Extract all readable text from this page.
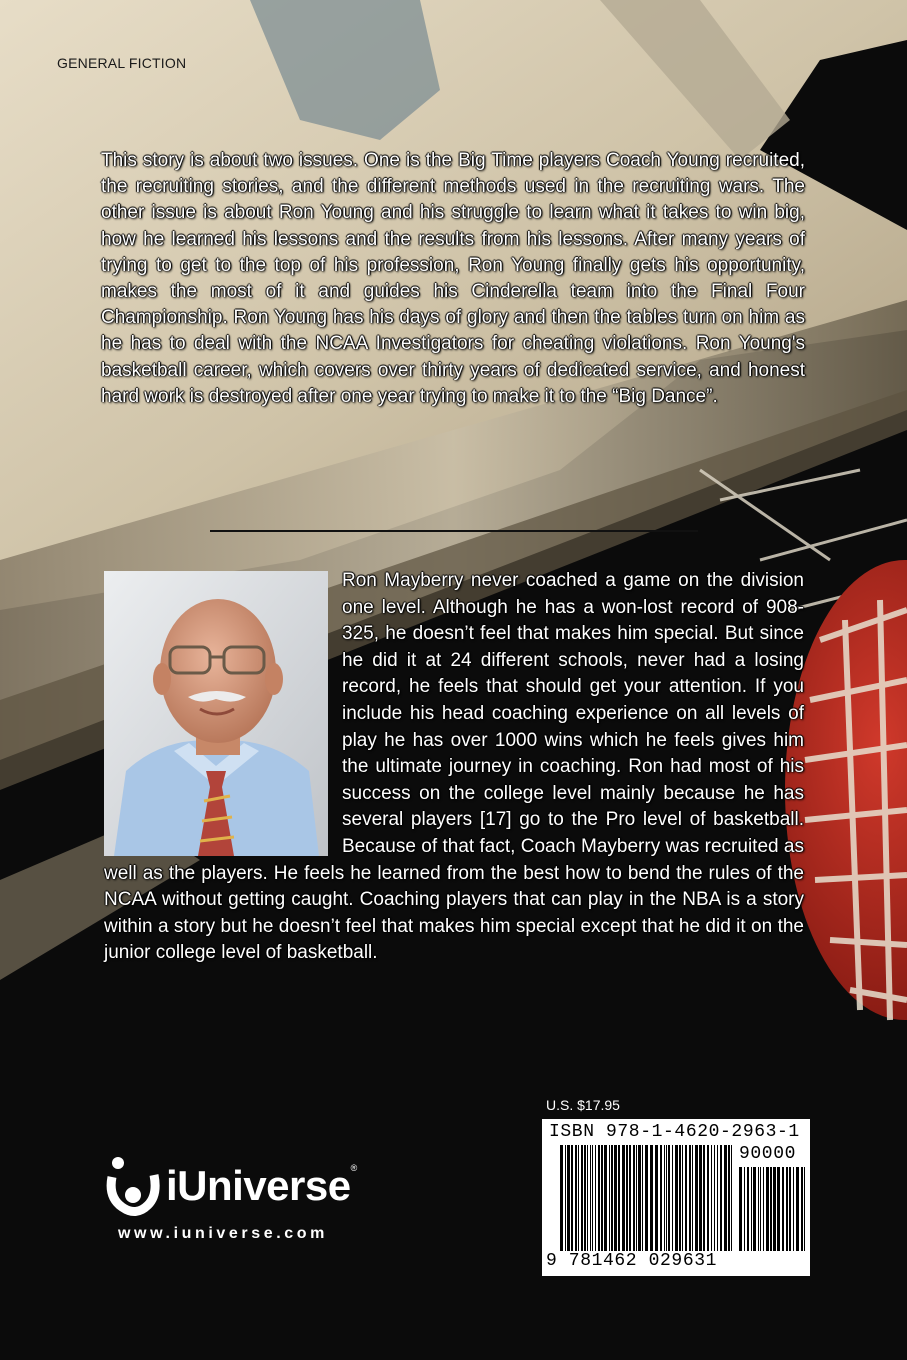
GENERAL FICTION

This story is about two issues. One is the Big Time players Coach Young recruited, the recruiting stories, and the different methods used in the recruiting wars. The other issue is about Ron Young and his struggle to learn what it takes to win big, how he learned his lessons and the results from his lessons. After many years of trying to get to the top of his profession, Ron Young finally gets his opportunity, makes the most of it and guides his Cinderella team into the Final Four Championship. Ron Young has his days of glory and then the tables turn on him as he has to deal with the NCAA Investigators for cheating violations. Ron Young's basketball career, which covers over thirty years of dedicated service, and honest hard work is destroyed after one year trying to make it to the “Big Dance”.

Ron Mayberry never coached a game on the division one level. Although he has a won-lost record of 908-325, he doesn’t feel that makes him special. But since he did it at 24 different schools, never had a losing record, he feels that should get your attention. If you include his head coaching experience on all levels of play he has over 1000 wins which he feels gives him the ultimate journey in coaching. Ron had most of his success on the college level mainly because he has several players [17] go to the Pro level of basketball. Because of that fact, Coach Mayberry was recruited as well as the players. He feels he learned from the best how to bend the rules of the NCAA without getting caught. Coaching players that can play in the NBA is a story within a story but he doesn’t feel that makes him special except that he did it on the junior college level of basketball.
U.S. $17.95
ISBN 978-1-4620-2963-1
90000
9 781462 029631
iUniverse ®
www.iuniverse.com
